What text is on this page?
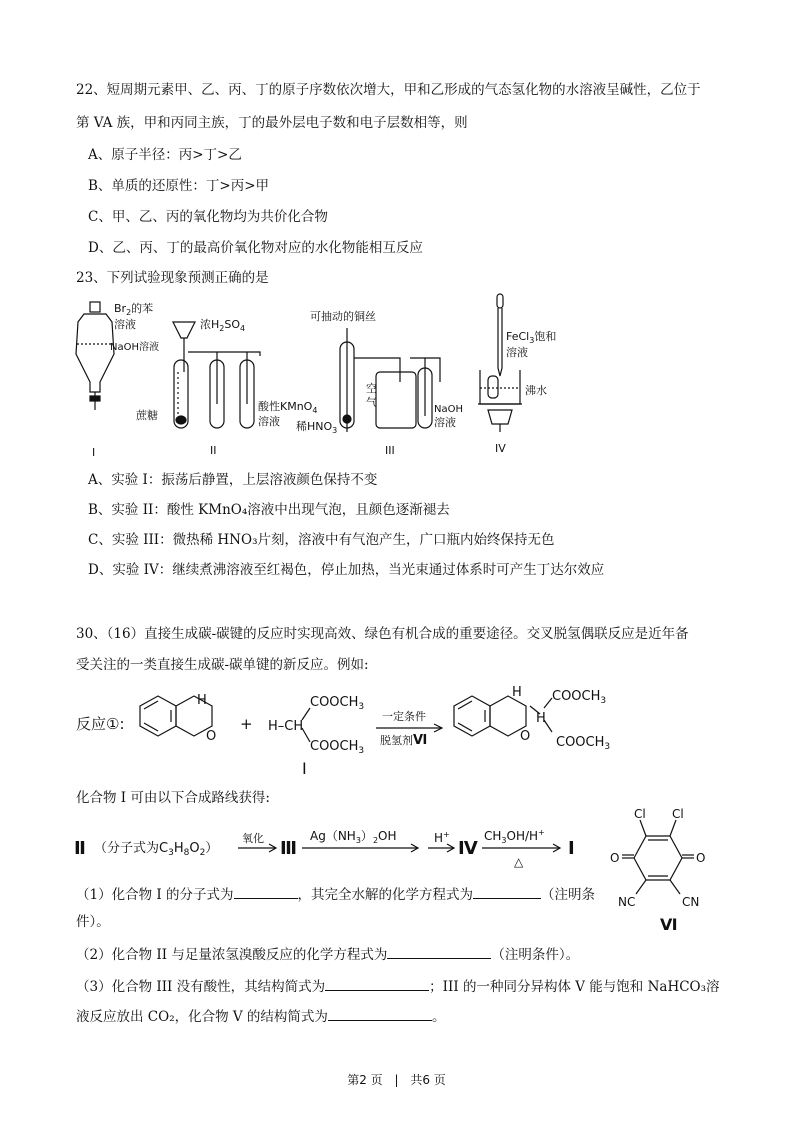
22、短周期元素甲、乙、丙、丁的原子序数依次增大，甲和乙形成的气态氢化物的水溶液呈碱性，乙位于
第 VA 族，甲和丙同主族，丁的最外层电子数和电子层数相等，则
A、原子半径：丙>丁>乙
B、单质的还原性：丁>丙>甲
C、甲、乙、丙的氧化物均为共价化合物
D、乙、丙、丁的最高价氧化物对应的水化物能相互反应
23、下列试验现象预测正确的是
$Br_2$的苯
溶液
NaOH溶液
浓$H_2SO_4$
蔗糖
酸性KMnO$_4$
溶液
可抽动的铜丝
空
气
稀$HNO_3$
NaOH
溶液
FeCl$_3$饱和
溶液
沸水
I	II	III	IV
A、实验 I：振荡后静置，上层溶液颜色保持不变
B、实验 II：酸性 KMnO₄溶液中出现气泡，且颜色逐渐褪去
C、实验 III：微热稀 HNO₃片刻，溶液中有气泡产生，广口瓶内始终保持无色
D、实验 IV：继续煮沸溶液至红褐色，停止加热，当光束通过体系时可产生丁达尔效应
30、（16）直接生成碳-碳键的反应时实现高效、绿色有机合成的重要途径。交叉脱氢偶联反应是近年备
受关注的一类直接生成碳-碳单键的新反应。例如:
反应①:
H
O
+ H–CH
$COOCH_3$
$COOCH_3$
I
一定条件
脱氢剂Ⅵ
H
O
H
$COOCH_3$
$COOCH_3$
化合物 I 可由以下合成路线获得:
Ⅱ （分子式为$C_3H_8O_2$）
氧化 Ⅲ
$Ag(NH_3)_2OH$	H+
Ⅳ
$CH_3OH/H^+$
△
I
Cl Cl
O	O
NC	CN
Ⅵ
（1）化合物 I 的分子式为	，其完全水解的化学方程式为	（注明条
件）。
（2）化合物 II 与足量浓氢溴酸反应的化学方程式为	（注明条件）。
（3）化合物 III 没有酸性，其结构简式为	；III 的一种同分异构体 V 能与饱和 NaHCO₃溶
液反应放出 CO₂，化合物 V 的结构简式为	。
第2 页 | 共6 页
